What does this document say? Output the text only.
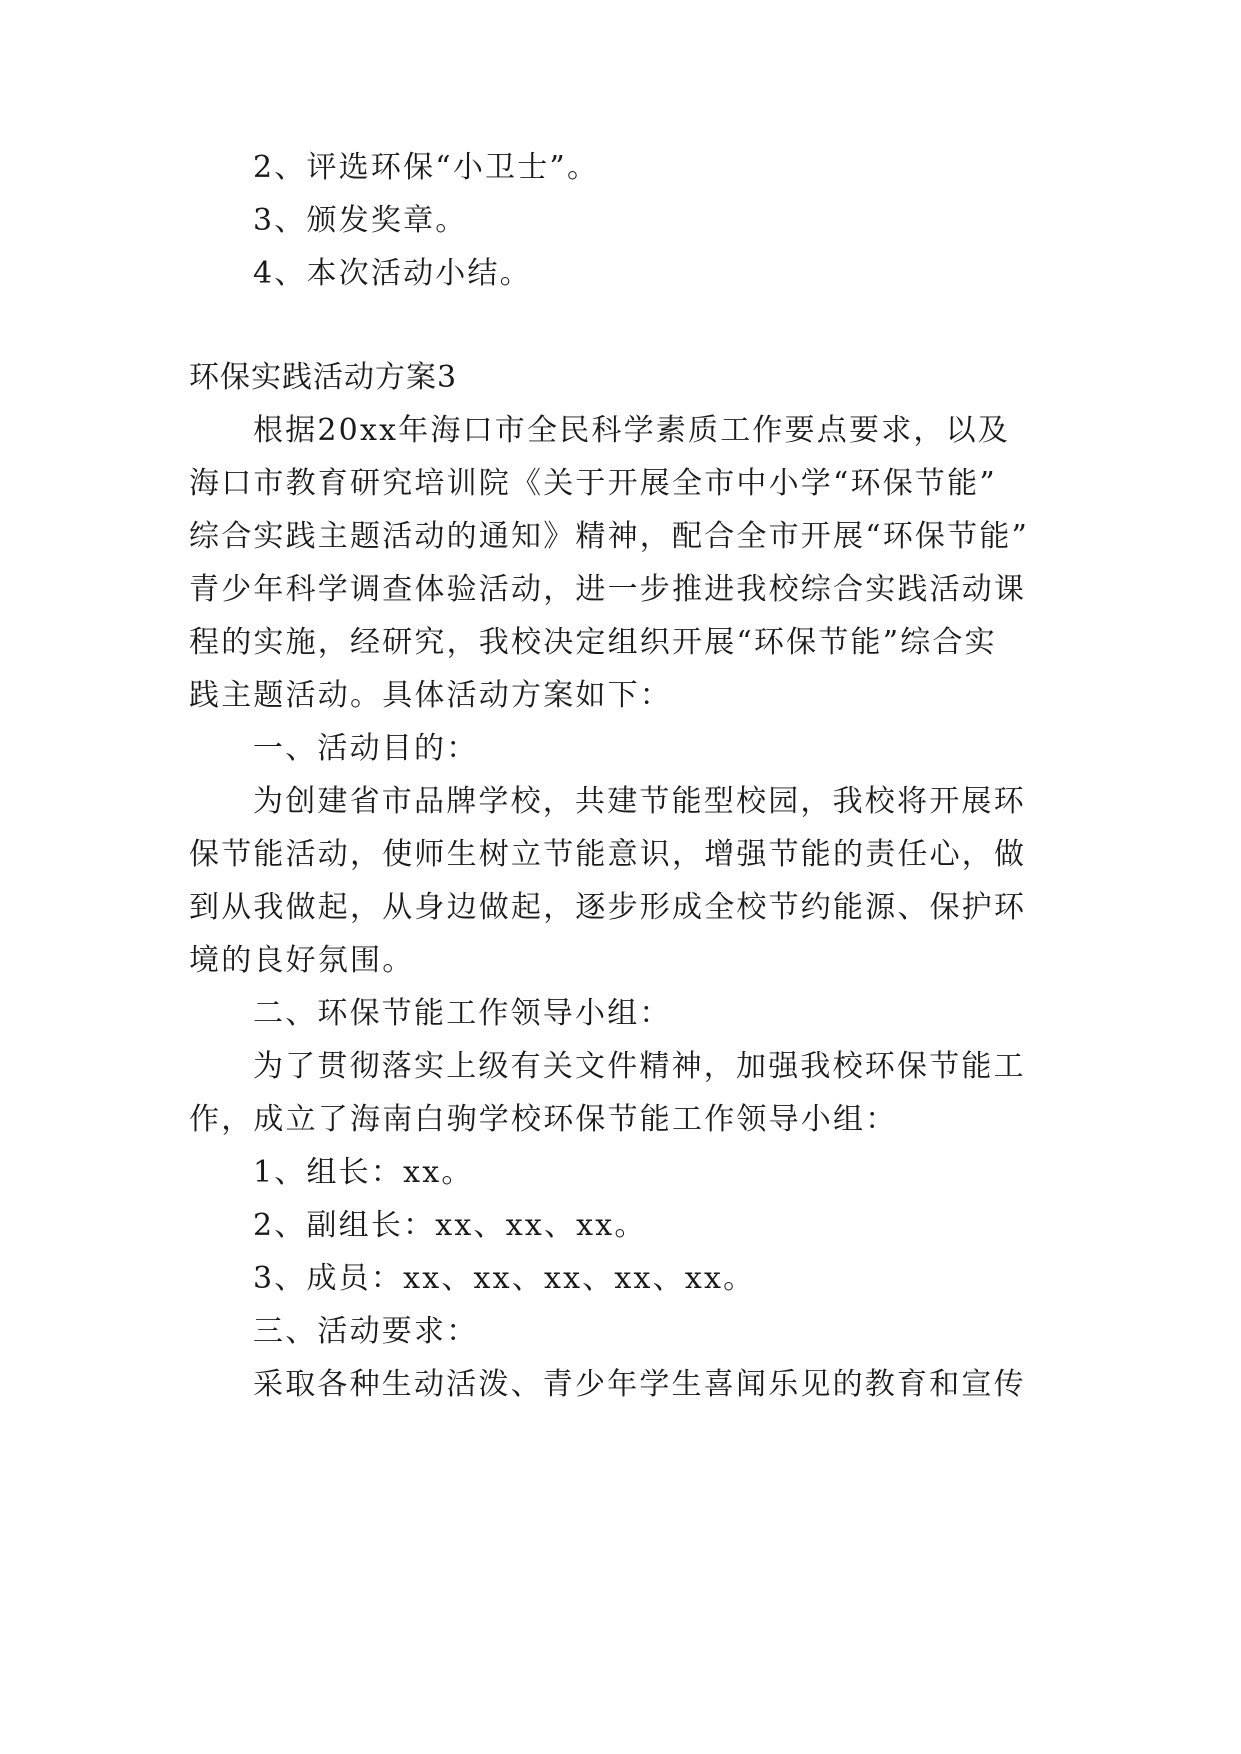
2、评选环保“小卫士”。
3、颁发奖章。
4、本次活动小结。
环保实践活动方案3
根据20xx年海口市全民科学素质工作要点要求，以及
海口市教育研究培训院《关于开展全市中小学“环保节能”
综合实践主题活动的通知》精神，配合全市开展“环保节能”
青少年科学调查体验活动，进一步推进我校综合实践活动课
程的实施，经研究，我校决定组织开展“环保节能”综合实
践主题活动。具体活动方案如下：
一、活动目的：
为创建省市品牌学校，共建节能型校园，我校将开展环
保节能活动，使师生树立节能意识，增强节能的责任心，做
到从我做起，从身边做起，逐步形成全校节约能源、保护环
境的良好氛围。
二、环保节能工作领导小组：
为了贯彻落实上级有关文件精神，加强我校环保节能工
作，成立了海南白驹学校环保节能工作领导小组：
1、组长：xx。
2、副组长：xx、xx、xx。
3、成员：xx、xx、xx、xx、xx。
三、活动要求：
采取各种生动活泼、青少年学生喜闻乐见的教育和宣传
